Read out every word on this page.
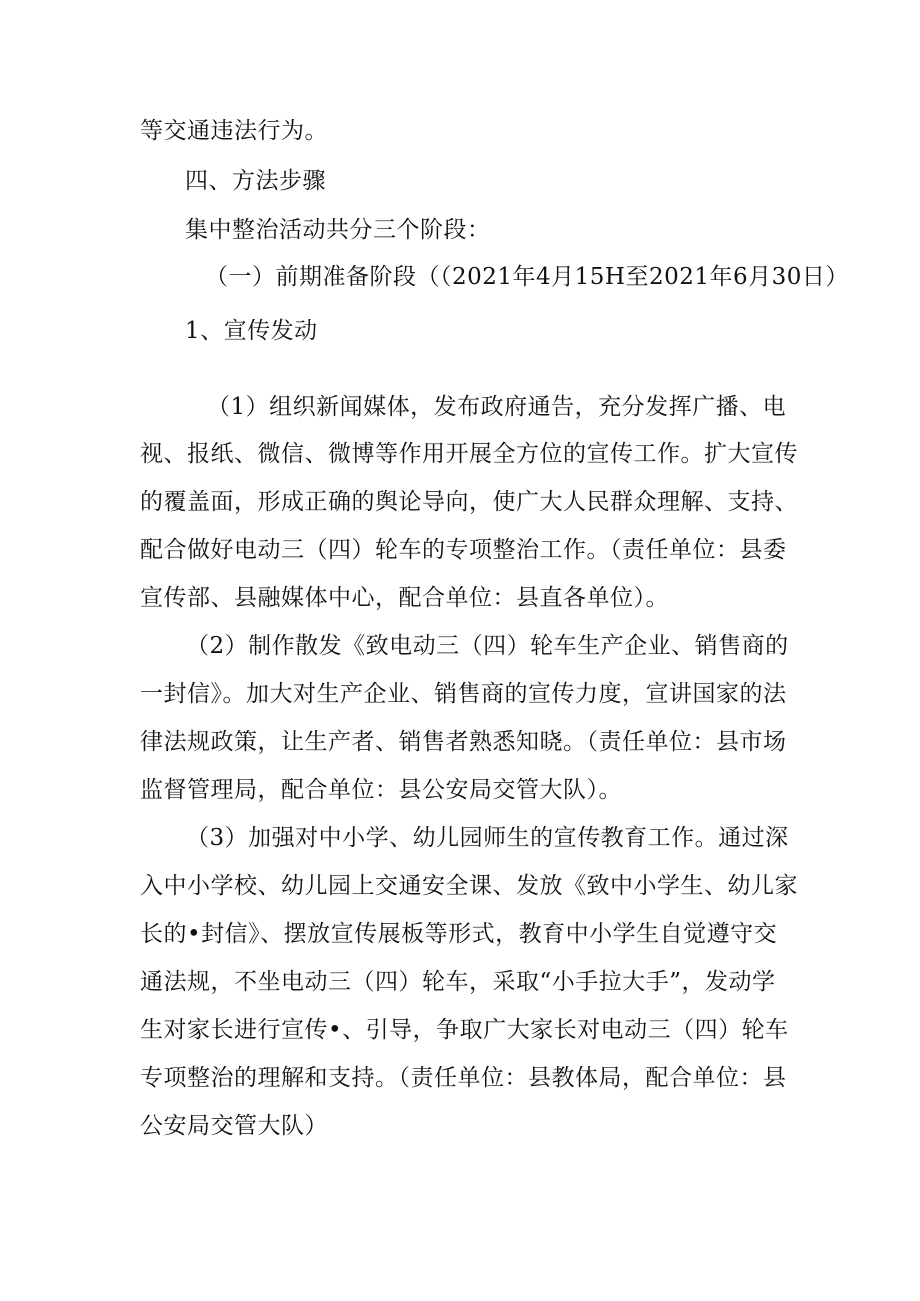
等交通违法行为。
四、方法步骤
集中整治活动共分三个阶段：
（一）前期准备阶段（（2021年4月15H至2021年6月30日）
1、宣传发动
（1）组织新闻媒体，发布政府通告，充分发挥广播、电
视、报纸、微信、微博等作用开展全方位的宣传工作。扩大宣传
的覆盖面，形成正确的舆论导向，使广大人民群众理解、支持、
配合做好电动三（四）轮车的专项整治工作。（责任单位：县委
宣传部、县融媒体中心，配合单位：县直各单位）。
（2）制作散发《致电动三（四）轮车生产企业、销售商的
一封信》。加大对生产企业、销售商的宣传力度，宣讲国家的法
律法规政策，让生产者、销售者熟悉知晓。（责任单位：县市场
监督管理局，配合单位：县公安局交管大队）。
（3）加强对中小学、幼儿园师生的宣传教育工作。通过深
入中小学校、幼儿园上交通安全课、发放《致中小学生、幼儿家
长的•封信》、摆放宣传展板等形式，教育中小学生自觉遵守交
通法规，不坐电动三（四）轮车，采取“小手拉大手”，发动学
生对家长进行宣传•、引导，争取广大家长对电动三（四）轮车
专项整治的理解和支持。（责任单位：县教体局，配合单位：县
公安局交管大队）
